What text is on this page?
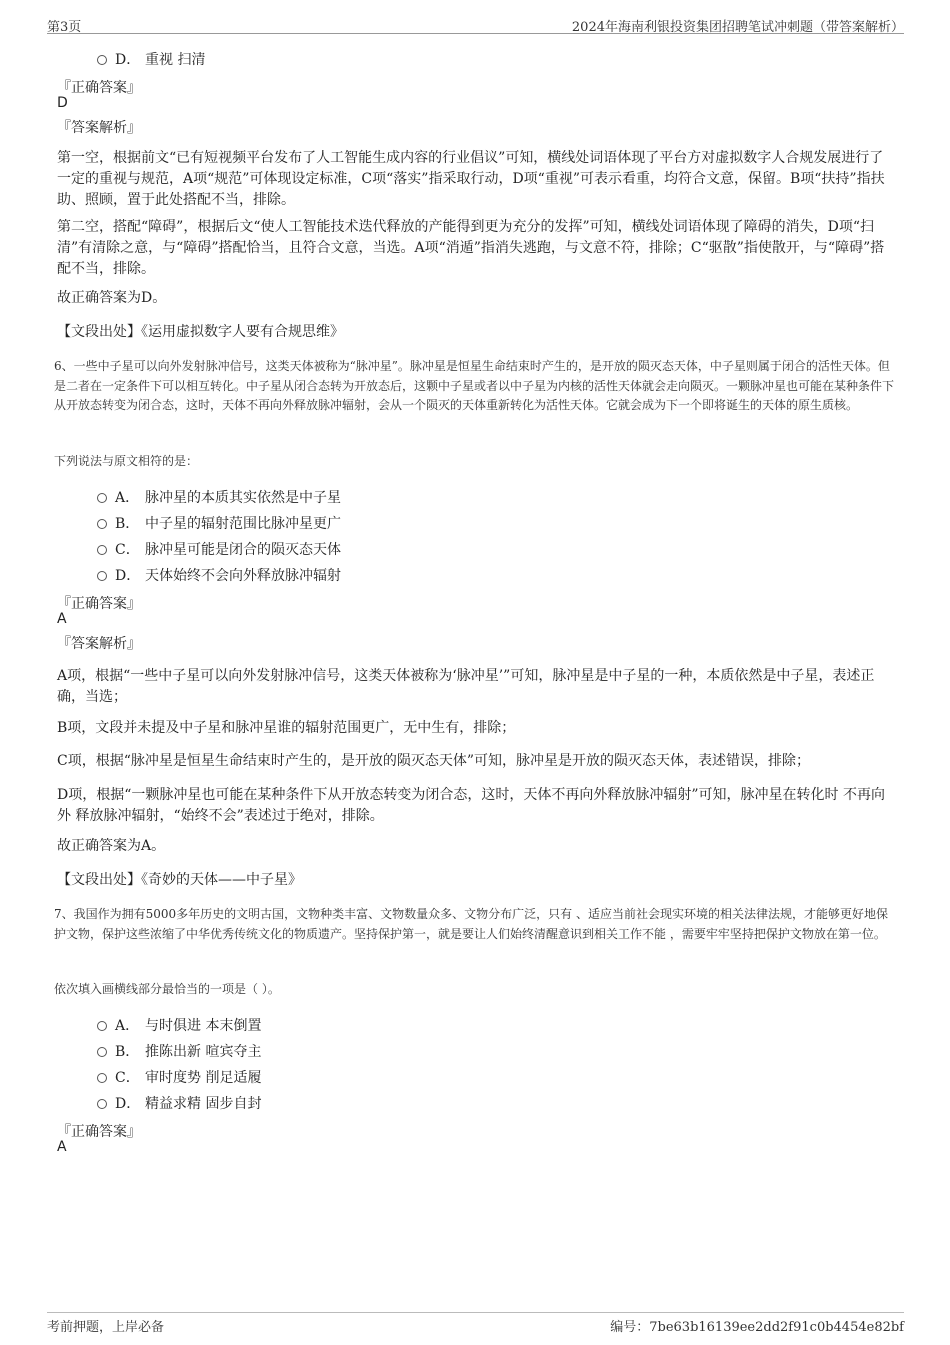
第3页	2024年海南利银投资集团招聘笔试冲刺题（带答案解析）
D． 重视 扫清
『正确答案』
D
『答案解析』
第一空，根据前文“已有短视频平台发布了人工智能生成内容的行业倡议”可知，横线处词语体现了平台方对虚拟数字人合规发展进行了一定的重视与规范，A项“规范”可体现设定标准，C项“落实”指采取行动，D项“重视”可表示看重，均符合文意，保留。B项“扶持”指扶助、照顾，置于此处搭配不当，排除。
第二空，搭配“障碍”，根据后文“使人工智能技术迭代释放的产能得到更为充分的发挥”可知，横线处词语体现了障碍的消失，D项“扫清”有清除之意，与“障碍”搭配恰当，且符合文意，当选。A项“消遁”指消失逃跑，与文意不符，排除；C“驱散”指使散开，与“障碍”搭配不当，排除。
故正确答案为D。
【文段出处】《运用虚拟数字人要有合规思维》
6、一些中子星可以向外发射脉冲信号，这类天体被称为“脉冲星”。脉冲星是恒星生命结束时产生的，是开放的陨灭态天体，中子星则属于闭合的活性天体。但是二者在一定条件下可以相互转化。中子星从闭合态转为开放态后，这颗中子星或者以中子星为内核的活性天体就会走向陨灭。一颗脉冲星也可能在某种条件下从开放态转变为闭合态，这时，天体不再向外释放脉冲辐射，会从一个陨灭的天体重新转化为活性天体。它就会成为下一个即将诞生的天体的原生质核。
下列说法与原文相符的是：
A． 脉冲星的本质其实依然是中子星
B． 中子星的辐射范围比脉冲星更广
C． 脉冲星可能是闭合的陨灭态天体
D． 天体始终不会向外释放脉冲辐射
『正确答案』
A
『答案解析』
A项，根据“一些中子星可以向外发射脉冲信号，这类天体被称为‘脉冲星’”可知，脉冲星是中子星的一种，本质依然是中子星，表述正确，当选；
B项，文段并未提及中子星和脉冲星谁的辐射范围更广，无中生有，排除；
C项，根据“脉冲星是恒星生命结束时产生的，是开放的陨灭态天体”可知，脉冲星是开放的陨灭态天体，表述错误，排除；
D项，根据“一颗脉冲星也可能在某种条件下从开放态转变为闭合态，这时，天体不再向外释放脉冲辐射”可知，脉冲星在转化时 不再向外 释放脉冲辐射，“始终不会”表述过于绝对，排除。
故正确答案为A。
【文段出处】《奇妙的天体——中子星》
7、我国作为拥有5000多年历史的文明古国，文物种类丰富、文物数量众多、文物分布广泛，只有 、适应当前社会现实环境的相关法律法规，才能够更好地保护文物，保护这些浓缩了中华优秀传统文化的物质遗产。坚持保护第一，就是要让人们始终清醒意识到相关工作不能 ，需要牢牢坚持把保护文物放在第一位。
依次填入画横线部分最恰当的一项是（ ）。
A． 与时俱进 本末倒置
B． 推陈出新 喧宾夺主
C． 审时度势 削足适履
D． 精益求精 固步自封
『正确答案』
A
考前押题，上岸必备	编号：7be63b16139ee2dd2f91c0b4454e82bf
